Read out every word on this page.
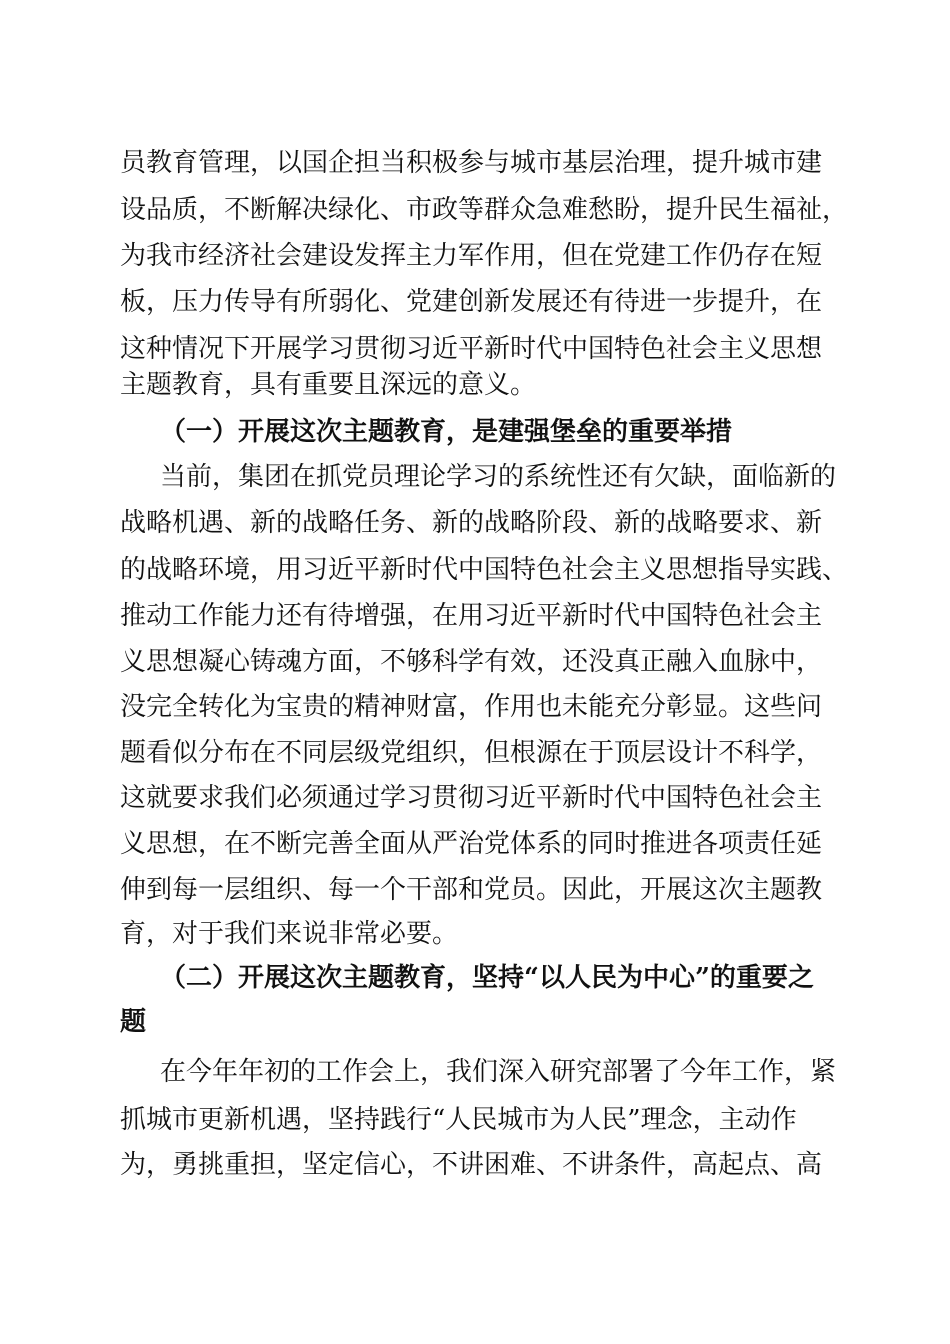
员教育管理，以国企担当积极参与城市基层治理，提升城市建
设品质，不断解决绿化、市政等群众急难愁盼，提升民生福祉，
为我市经济社会建设发挥主力军作用，但在党建工作仍存在短
板，压力传导有所弱化、党建创新发展还有待进一步提升，在
这种情况下开展学习贯彻习近平新时代中国特色社会主义思想
主题教育，具有重要且深远的意义。
（一）开展这次主题教育，是建强堡垒的重要举措
当前，集团在抓党员理论学习的系统性还有欠缺，面临新的
战略机遇、新的战略任务、新的战略阶段、新的战略要求、新
的战略环境，用习近平新时代中国特色社会主义思想指导实践、
推动工作能力还有待增强，在用习近平新时代中国特色社会主
义思想凝心铸魂方面，不够科学有效，还没真正融入血脉中，
没完全转化为宝贵的精神财富，作用也未能充分彰显。这些问
题看似分布在不同层级党组织，但根源在于顶层设计不科学，
这就要求我们必须通过学习贯彻习近平新时代中国特色社会主
义思想，在不断完善全面从严治党体系的同时推进各项责任延
伸到每一层组织、每一个干部和党员。因此，开展这次主题教
育，对于我们来说非常必要。
（二）开展这次主题教育，坚持“以人民为中心”的重要之
题
在今年年初的工作会上，我们深入研究部署了今年工作，紧
抓城市更新机遇，坚持践行“人民城市为人民”理念，主动作
为，勇挑重担，坚定信心，不讲困难、不讲条件，高起点、高
